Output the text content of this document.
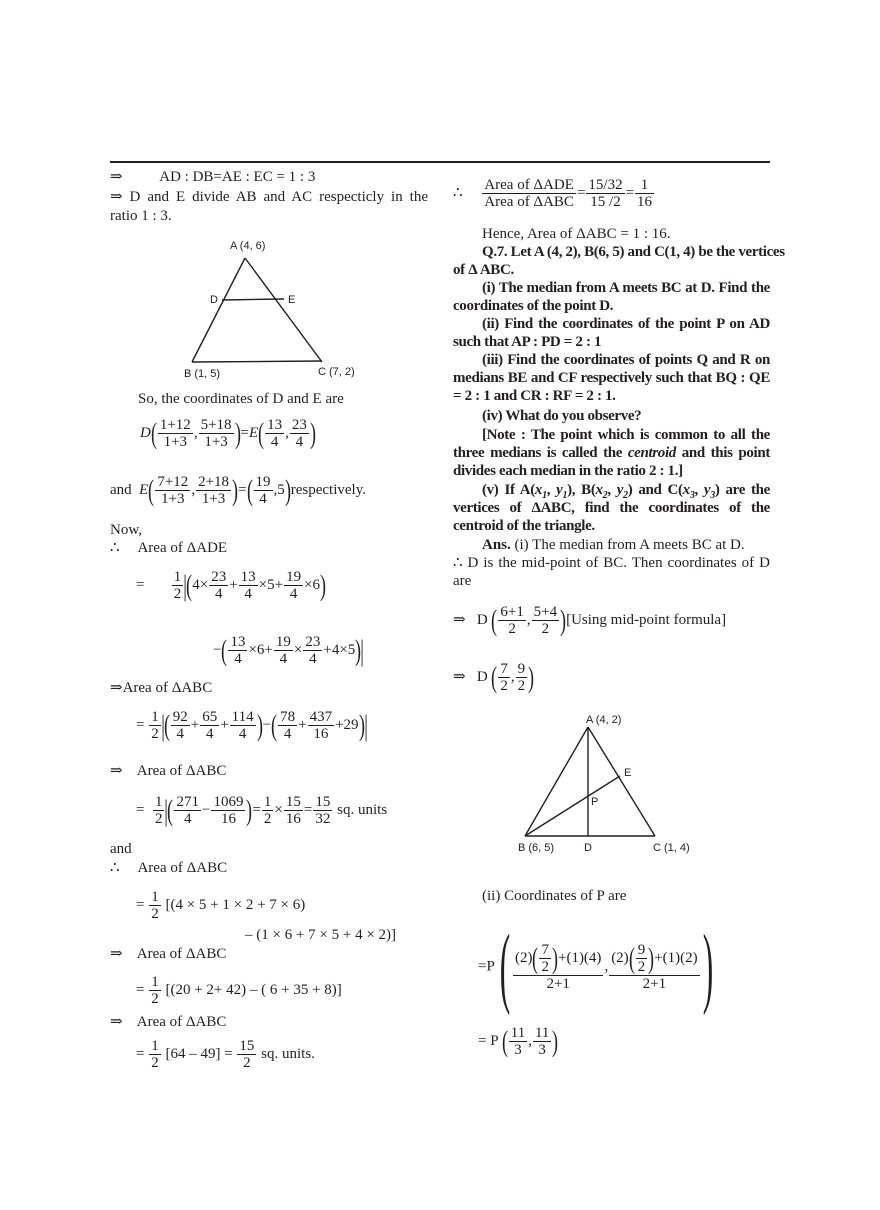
⇒          AD : DB=AE : EC = 1 : 3
⇒ D and E divide AB and AC respecticly in the
ratio 1 : 3.
A (4, 6)
D	E
B (1, 5)	C (7, 2)
So, the coordinates of D and E are
$D( \frac{1+12}{1+3}$ , $\frac{5+18}{1+3} )=E( \frac{13}{4}$ , $\frac{23}{4}$ )
and  $E( \frac{7+12}{1+3}$ , $\frac{2+18}{1+3}$ )=( $\frac{19}{4}$ ,5)respectively.
Now,
∴     Area of ΔADE
= $\frac{1}{2} |(4\times \frac{23}{4} + \frac{13}{4} \times 5+ \frac{19}{4} \times 6)$
−( $\frac{13}{4} \times 6+ \frac{19}{4} \times \frac{23}{4} +4\times 5)|$
⇒Area of ΔABC
= $\frac{1}{2}$ |( $\frac{92}{4} + \frac{65}{4} + \frac{114}{4}$ )−( $\frac{78}{4} + \frac{437}{16} +29)|$
⇒    Area of ΔABC
= $\frac{1}{2}$ |( $\frac{271}{4} - \frac{1069}{16}$ )= $\frac{1}{2} \times \frac{15}{16} = \frac{15}{32}$ sq. units
and
∴     Area of ΔABC
= $\frac{1}{2} [(4 \times 5 + 1 \times 2 + 7 \times 6)$
– (1 × 6 + 7 × 5 + 4 × 2)]
⇒    Area of ΔABC
= $\frac{1}{2} [(20 + 2+ 42)$ – ( 6 + 35 + 8)]
⇒    Area of ΔABC
= $\frac{1}{2} [64 - 49] = \frac{15}{2}$ sq. units.
∴ $\frac{\text{Area of ΔADE}}{\text{Area of ΔABC}} = \frac{15/32}{15 /2} = \frac{1}{16}$
Hence, Area of ΔABC = 1 : 16.
Q.7. Let A (4, 2), B(6, 5) and C(1, 4) be the vertices
of Δ ABC.
(i) The median from A meets BC at D. Find the
coordinates of the point D.
(ii) Find the coordinates of the point P on AD
such that AP : PD = 2 : 1
(iii) Find the coordinates of points Q and R on
medians BE and CF respectively such that BQ : QE
= 2 : 1 and CR : RF = 2 : 1.
(iv) What do you observe?
[Note : The point which is common to all the
three medians is called the centroid and this point
divides each median in the ratio 2 : 1.]
(v) If $A(x_1$, $y_1$), $B(x_2$, $y_2$) and $C(x_3$, $y_3$) are the
vertices of ΔABC, find the coordinates of the
centroid of the triangle.
Ans. (i) The median from A meets BC at D.
∴ D is the mid-point of BC. Then coordinates of D
are
⇒   D ( $\frac{6+1}{2}$ , $\frac{5+4}{2} )[Using$ mid-point formula]
⇒   D ( $\frac{7}{2}$ , $\frac{9}{2}$ )
A (4, 2)
E
P
B (6, 5)	D	C (1, 4)
(ii) Coordinates of P are
=P ( $\frac{(2)( \frac{7}{2} )+(1)(4)}{2+1}$ , $\frac{(2)( \frac{9}{2} )+(1)(2)}{2+1}$ )
= P ( $\frac{11}{3}$ , $\frac{11}{3}$ )
